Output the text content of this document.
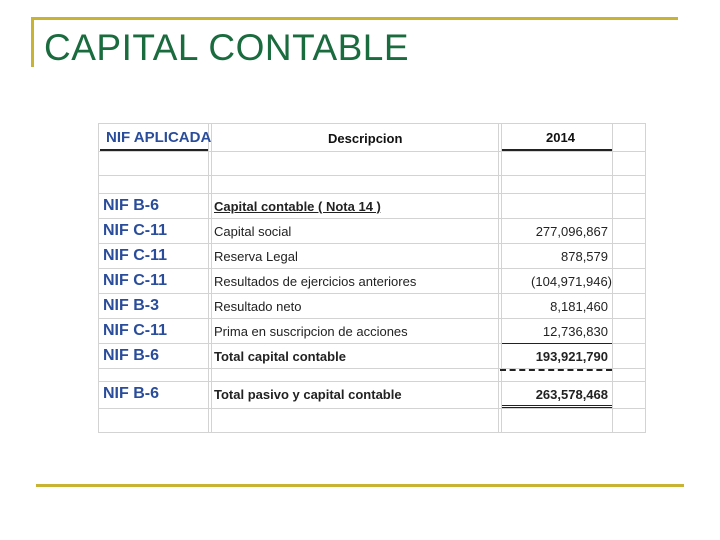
CAPITAL CONTABLE
NIF APLICADA	Descripcion	2014
NIF B-6	Capital contable ( Nota 14 )
NIF C-11	Capital social	277,096,867
NIF C-11	Reserva Legal	878,579
NIF C-11	Resultados de ejercicios anteriores	(104,971,946)
NIF B-3	Resultado neto	8,181,460
NIF C-11	Prima en suscripcion de acciones	12,736,830
NIF B-6	Total capital contable	193,921,790
NIF B-6	Total pasivo y capital contable	263,578,468
